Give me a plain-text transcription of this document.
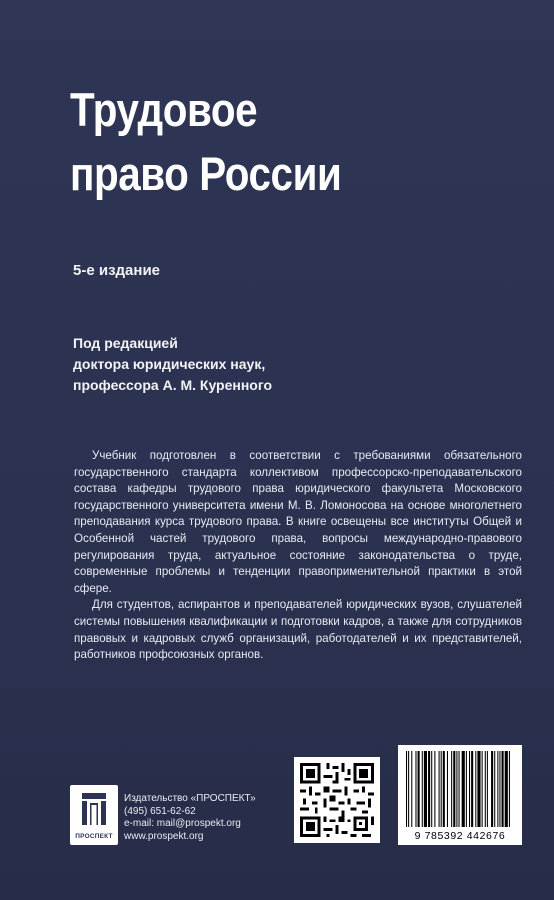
Трудовое
право России
5-е издание
Под редакцией
доктора юридических наук,
профессора А. М. Куренного

Учебник подготовлен в соответствии с требованиями обязательного государственного стандарта коллективом профессорско-преподавательского состава кафедры трудового права юридического факультета Московского государственного университета имени М. В. Ломоносова на основе многолетнего преподавания курса трудового права. В книге освещены все институты Общей и Особенной частей трудового права, вопросы международно-правового регулирования труда, актуальное состояние законодательства о труде, современные проблемы и тенденции правоприменительной практики в этой сфере.

Для студентов, аспирантов и преподавателей юридических вузов, слушателей системы повышения квалификации и подготовки кадров, а также для сотрудников правовых и кадровых служб организаций, работодателей и их представителей, работников профсоюзных органов.

ПРОСПЕКТ
Издательство «ПРОСПЕКТ»
(495) 651-62-62
e-mail: mail@prospekt.org
www.prospekt.org	9 785392 442676
